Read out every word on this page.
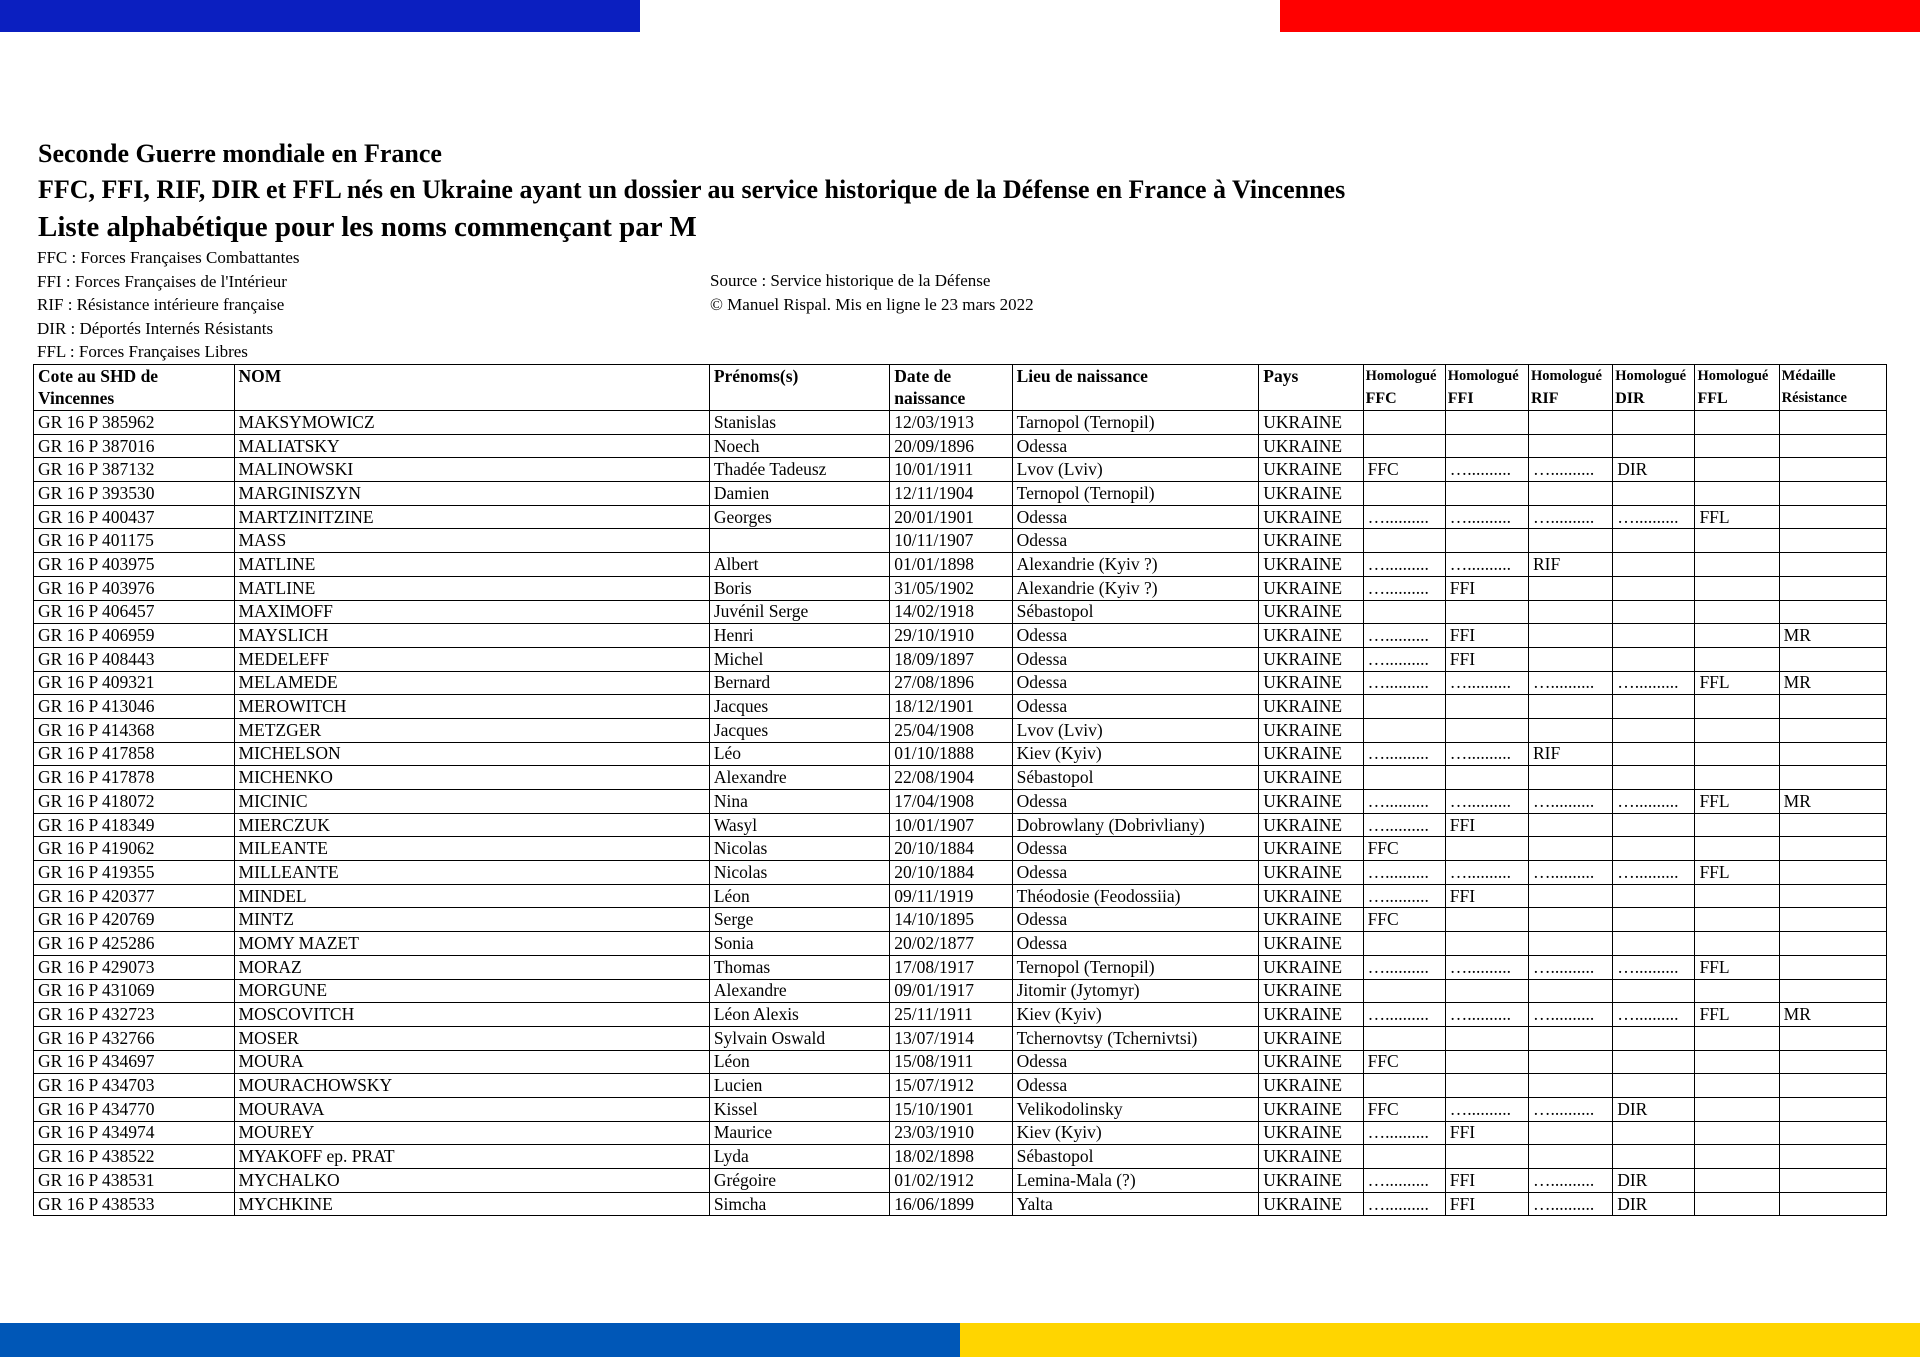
Seconde Guerre mondiale en France
FFC, FFI, RIF, DIR et FFL nés en Ukraine ayant un dossier au service historique de la Défense en France à Vincennes
Liste alphabétique pour les noms commençant par M
FFC : Forces Françaises Combattantes
FFI : Forces Françaises de l'Intérieur
RIF : Résistance intérieure française
DIR : Déportés Internés Résistants
FFL : Forces Françaises Libres
Source : Service historique de la Défense
© Manuel Rispal. Mis en ligne le 23 mars 2022
Cote au SHD de	NOM	Prénoms(s)	Date de	Lieu de naissance	Pays	Homologué	Homologué	Homologué	Homologué	Homologué	Médaille
Vincennes			naissance			FFC	FFI	RIF	DIR	FFL	Résistance
GR 16 P 385962	MAKSYMOWICZ	Stanislas	12/03/1913	Tarnopol (Ternopil)	UKRAINE						
GR 16 P 387016	MALIATSKY	Noech	20/09/1896	Odessa	UKRAINE						
GR 16 P 387132	MALINOWSKI	Thadée Tadeusz	10/01/1911	Lvov (Lviv)	UKRAINE	FFC	…..........	…..........	DIR		
GR 16 P 393530	MARGINISZYN	Damien	12/11/1904	Ternopol (Ternopil)	UKRAINE						
GR 16 P 400437	MARTZINITZINE	Georges	20/01/1901	Odessa	UKRAINE	…..........	…..........	…..........	…..........	FFL	
GR 16 P 401175	MASS		10/11/1907	Odessa	UKRAINE						
GR 16 P 403975	MATLINE	Albert	01/01/1898	Alexandrie (Kyiv ?)	UKRAINE	…..........	…..........	RIF			
GR 16 P 403976	MATLINE	Boris	31/05/1902	Alexandrie (Kyiv ?)	UKRAINE	…..........	FFI				
GR 16 P 406457	MAXIMOFF	Juvénil Serge	14/02/1918	Sébastopol	UKRAINE						
GR 16 P 406959	MAYSLICH	Henri	29/10/1910	Odessa	UKRAINE	…..........	FFI				MR
GR 16 P 408443	MEDELEFF	Michel	18/09/1897	Odessa	UKRAINE	…..........	FFI				
GR 16 P 409321	MELAMEDE	Bernard	27/08/1896	Odessa	UKRAINE	…..........	…..........	…..........	…..........	FFL	MR
GR 16 P 413046	MEROWITCH	Jacques	18/12/1901	Odessa	UKRAINE						
GR 16 P 414368	METZGER	Jacques	25/04/1908	Lvov (Lviv)	UKRAINE						
GR 16 P 417858	MICHELSON	Léo	01/10/1888	Kiev (Kyiv)	UKRAINE	…..........	…..........	RIF			
GR 16 P 417878	MICHENKO	Alexandre	22/08/1904	Sébastopol	UKRAINE						
GR 16 P 418072	MICINIC	Nina	17/04/1908	Odessa	UKRAINE	…..........	…..........	…..........	…..........	FFL	MR
GR 16 P 418349	MIERCZUK	Wasyl	10/01/1907	Dobrowlany (Dobrivliany)	UKRAINE	…..........	FFI				
GR 16 P 419062	MILEANTE	Nicolas	20/10/1884	Odessa	UKRAINE	FFC					
GR 16 P 419355	MILLEANTE	Nicolas	20/10/1884	Odessa	UKRAINE	…..........	…..........	…..........	…..........	FFL	
GR 16 P 420377	MINDEL	Léon	09/11/1919	Théodosie (Feodossiia)	UKRAINE	…..........	FFI				
GR 16 P 420769	MINTZ	Serge	14/10/1895	Odessa	UKRAINE	FFC					
GR 16 P 425286	MOMY MAZET	Sonia	20/02/1877	Odessa	UKRAINE						
GR 16 P 429073	MORAZ	Thomas	17/08/1917	Ternopol (Ternopil)	UKRAINE	…..........	…..........	…..........	…..........	FFL	
GR 16 P 431069	MORGUNE	Alexandre	09/01/1917	Jitomir (Jytomyr)	UKRAINE						
GR 16 P 432723	MOSCOVITCH	Léon Alexis	25/11/1911	Kiev (Kyiv)	UKRAINE	…..........	…..........	…..........	…..........	FFL	MR
GR 16 P 432766	MOSER	Sylvain Oswald	13/07/1914	Tchernovtsy (Tchernivtsi)	UKRAINE						
GR 16 P 434697	MOURA	Léon	15/08/1911	Odessa	UKRAINE	FFC					
GR 16 P 434703	MOURACHOWSKY	Lucien	15/07/1912	Odessa	UKRAINE						
GR 16 P 434770	MOURAVA	Kissel	15/10/1901	Velikodolinsky	UKRAINE	FFC	…..........	…..........	DIR		
GR 16 P 434974	MOUREY	Maurice	23/03/1910	Kiev (Kyiv)	UKRAINE	…..........	FFI				
GR 16 P 438522	MYAKOFF ep. PRAT	Lyda	18/02/1898	Sébastopol	UKRAINE						
GR 16 P 438531	MYCHALKO	Grégoire	01/02/1912	Lemina-Mala (?)	UKRAINE	…..........	FFI	…..........	DIR		
GR 16 P 438533	MYCHKINE	Simcha	16/06/1899	Yalta	UKRAINE	…..........	FFI	…..........	DIR		
